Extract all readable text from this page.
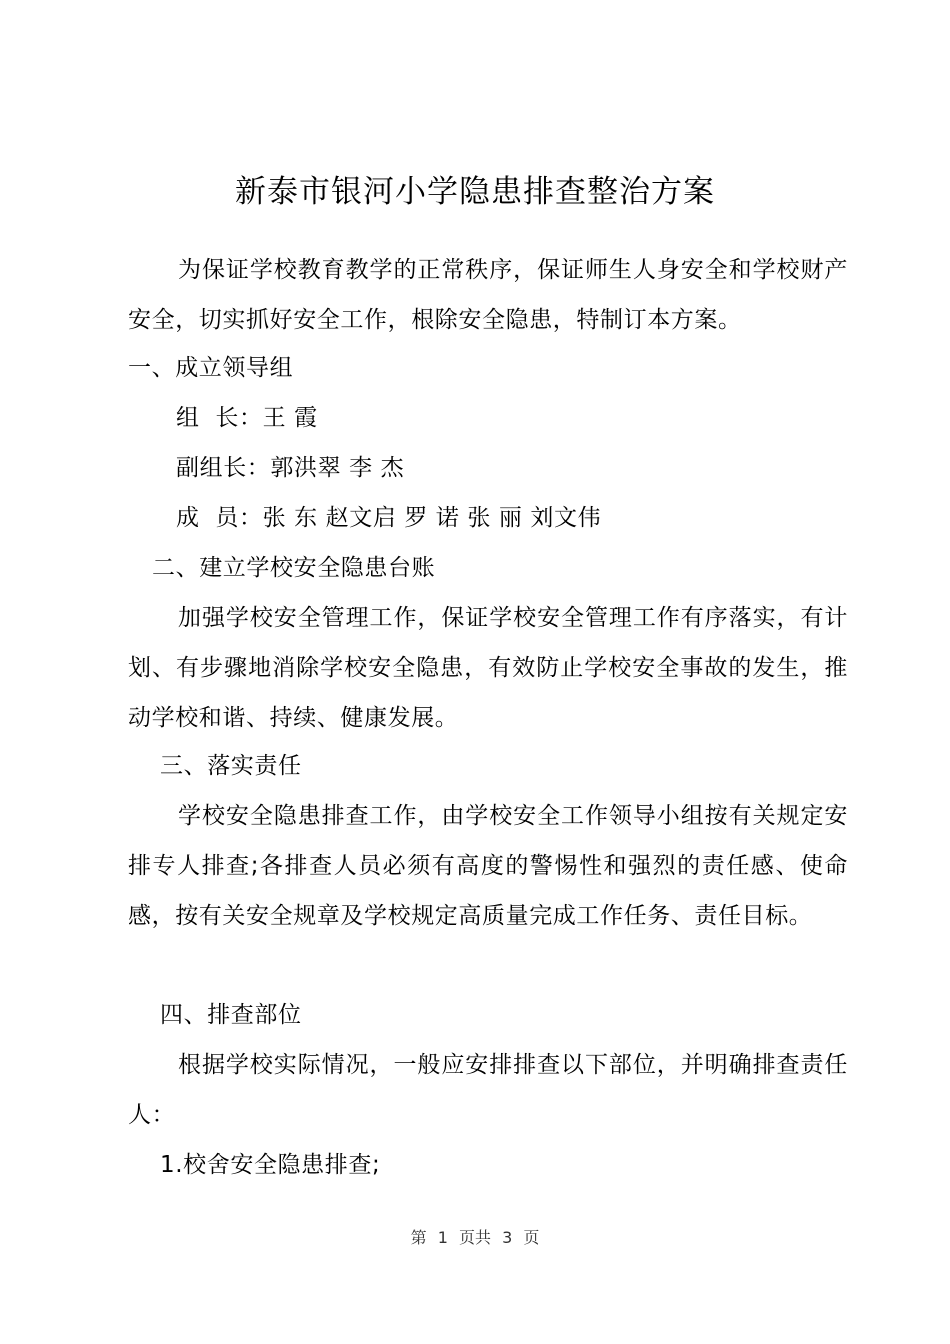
新泰市银河小学隐患排查整治方案

为保证学校教育教学的正常秩序，保证师生人身安全和学校财产安全，切实抓好安全工作，根除安全隐患，特制订本方案。

一、成立领导组
组  长：王 霞
副组长：郭洪翠 李 杰
成  员：张 东 赵文启 罗 诺 张 丽 刘文伟
二、建立学校安全隐患台账

加强学校安全管理工作，保证学校安全管理工作有序落实，有计划、有步骤地消除学校安全隐患，有效防止学校安全事故的发生，推动学校和谐、持续、健康发展。

三、落实责任

学校安全隐患排查工作，由学校安全工作领导小组按有关规定安排专人排查;各排查人员必须有高度的警惕性和强烈的责任感、使命感，按有关安全规章及学校规定高质量完成工作任务、责任目标。

四、排查部位

根据学校实际情况，一般应安排排查以下部位，并明确排查责任人：

1.校舍安全隐患排查;
第 1 页共 3 页
